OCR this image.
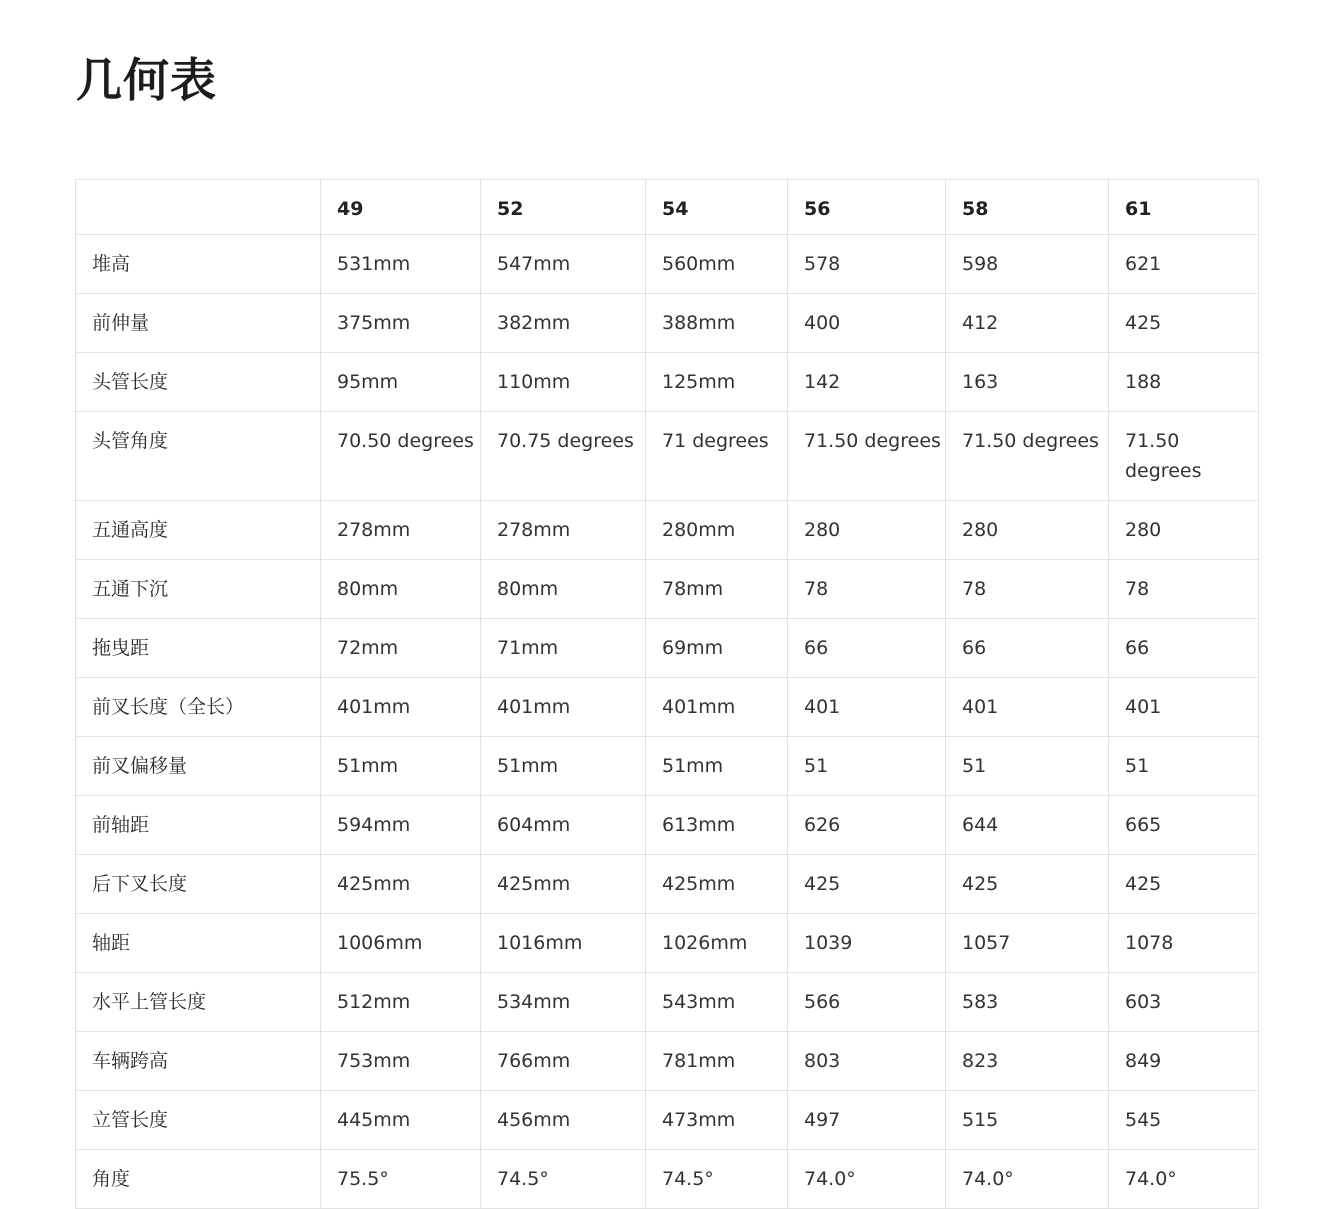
几何表
	49	52	54	56	58	61
堆高	531mm	547mm	560mm	578	598	621
前伸量	375mm	382mm	388mm	400	412	425
头管长度	95mm	110mm	125mm	142	163	188
头管角度	70.50 degrees	70.75 degrees	71 degrees	71.50 degrees	71.50 degrees	71.50 degrees
五通高度	278mm	278mm	280mm	280	280	280
五通下沉	80mm	80mm	78mm	78	78	78
拖曳距	72mm	71mm	69mm	66	66	66
前叉长度（全长）	401mm	401mm	401mm	401	401	401
前叉偏移量	51mm	51mm	51mm	51	51	51
前轴距	594mm	604mm	613mm	626	644	665
后下叉长度	425mm	425mm	425mm	425	425	425
轴距	1006mm	1016mm	1026mm	1039	1057	1078
水平上管长度	512mm	534mm	543mm	566	583	603
车辆跨高	753mm	766mm	781mm	803	823	849
立管长度	445mm	456mm	473mm	497	515	545
角度	75.5°	74.5°	74.5°	74.0°	74.0°	74.0°
